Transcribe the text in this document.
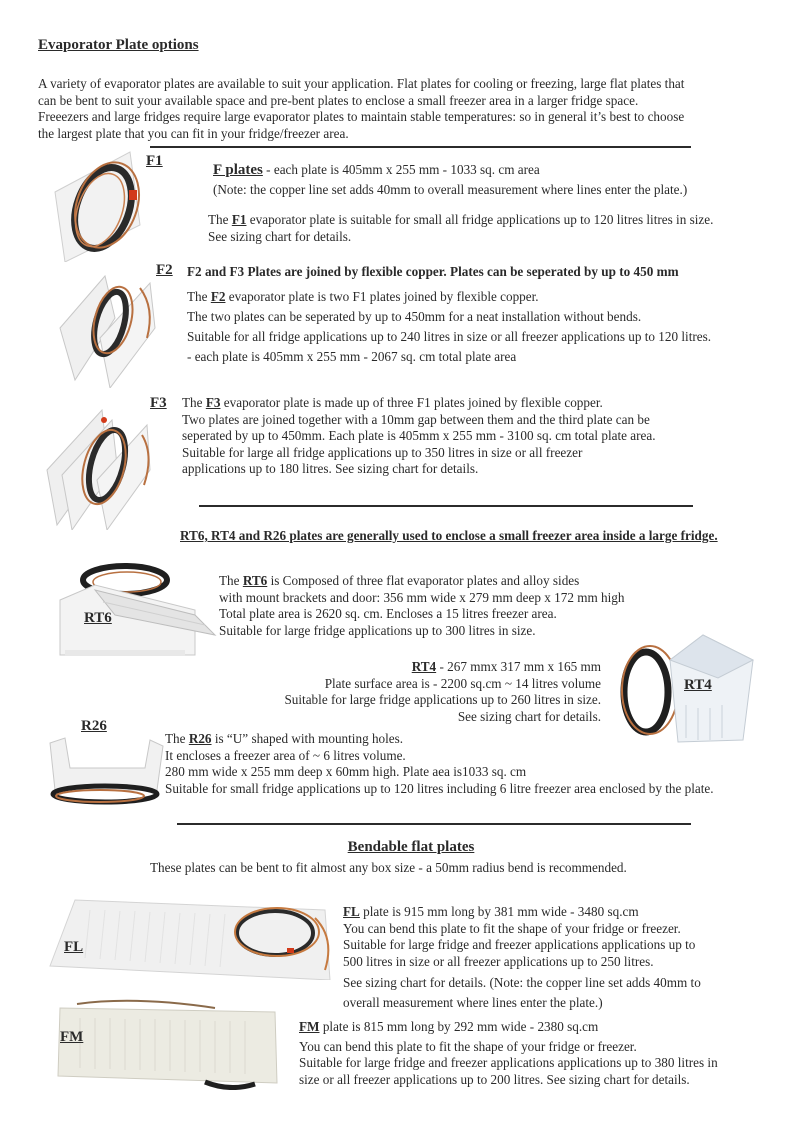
Evaporator Plate options
A variety of evaporator plates are available to suit your application. Flat plates for cooling or freezing, large flat plates that
can be bent to suit your available space and pre-bent plates to enclose a small freezer area in a larger fridge space.
Freeezers and large fridges require large evaporator plates to maintain stable temperatures: so in general it’s best to choose
the largest plate that you can fit in your fridge/freezer area.
F1
F plates - each plate is 405mm x 255 mm - 1033 sq. cm area
(Note: the copper line set adds 40mm to overall measurement where lines enter the plate.)
The F1 evaporator plate is suitable for small all fridge applications up to 120 litres litres in size.
See sizing chart for details.
F2 F2 and F3 Plates are joined by flexible copper. Plates can be seperated by up to 450 mm
The F2 evaporator plate is two F1 plates joined by flexible copper.
The two plates can be seperated by up to 450mm for a neat installation without bends.
Suitable for all fridge applications up to 240 litres in size or all freezer applications up to 120 litres.
- each plate is 405mm x 255 mm - 2067 sq. cm total plate area
F3 The F3 evaporator plate is made up of three F1 plates joined by flexible copper.
Two plates are joined together with a 10mm gap between them and the third plate can be
seperated by up to 450mm. Each plate is 405mm x 255 mm - 3100 sq. cm total plate area.
Suitable for large all fridge applications up to 350 litres in size or all freezer
applications up to 180 litres. See sizing chart for details.
RT6, RT4 and R26 plates are generally used to enclose a small freezer area inside a large fridge.
RT6
The RT6 is Composed of three flat evaporator plates and alloy sides
with mount brackets and door: 356 mm wide x 279 mm deep x 172 mm high
Total plate area is 2620 sq. cm. Encloses a 15 litres freezer area.
Suitable for large fridge applications up to 300 litres in size.
RT4 - 267 mmx 317 mm x 165 mm
Plate surface area is - 2200 sq.cm ~ 14 litres volume
Suitable for large fridge applications up to 260 litres in size.
See sizing chart for details.
RT4
R26
The R26 is “U” shaped with mounting holes.
It encloses a freezer area of ~ 6 litres volume.
280 mm wide x 255 mm deep x 60mm high. Plate aea is1033 sq. cm
Suitable for small fridge applications up to 120 litres including 6 litre freezer area enclosed by the plate.
Bendable flat plates
These plates can be bent to fit almost any box size - a 50mm radius bend is recommended.
FL
FL plate is 915 mm long by 381 mm wide - 3480 sq.cm
You can bend this plate to fit the shape of your fridge or freezer.
Suitable for large fridge and freezer applications applications up to
500 litres in size or all freezer applications up to 250 litres.
See sizing chart for details. (Note: the copper line set adds 40mm to
overall measurement where lines enter the plate.)
FM
FM plate is 815 mm long by 292 mm wide - 2380 sq.cm
You can bend this plate to fit the shape of your fridge or freezer.
Suitable for large fridge and freezer applications applications up to 380 litres in
size or all freezer applications up to 200 litres. See sizing chart for details.
